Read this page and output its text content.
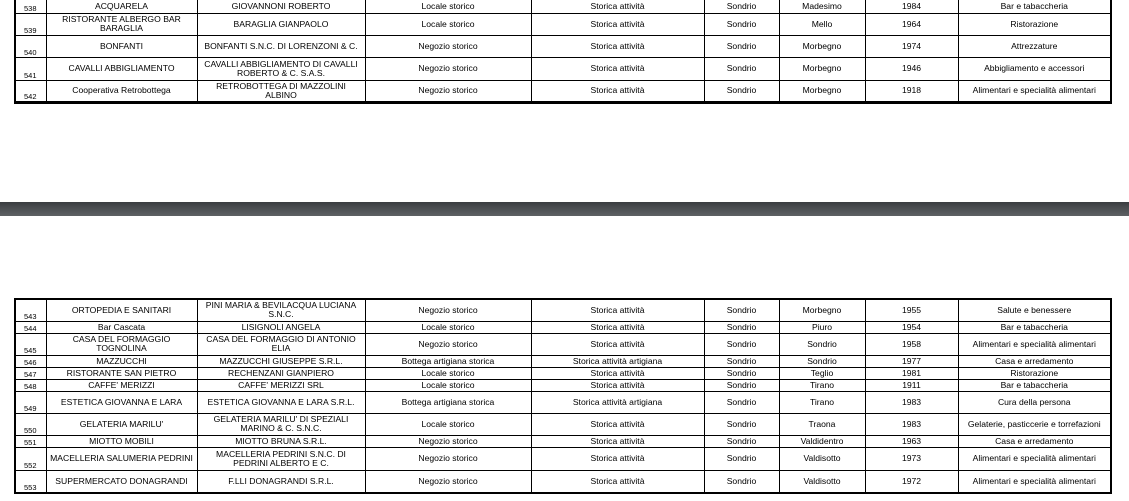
538	ACQUARELA	GIOVANNONI ROBERTO	Locale storico	Storica attività	Sondrio	Madesimo	1984	Bar e tabaccheria
539	RISTORANTE ALBERGO BAR BARAGLIA	BARAGLIA GIANPAOLO	Locale storico	Storica attività	Sondrio	Mello	1964	Ristorazione
540	BONFANTI	BONFANTI S.N.C. DI LORENZONI & C.	Negozio storico	Storica attività	Sondrio	Morbegno	1974	Attrezzature
541	CAVALLI ABBIGLIAMENTO	CAVALLI ABBIGLIAMENTO DI CAVALLI ROBERTO & C. S.A.S.	Negozio storico	Storica attività	Sondrio	Morbegno	1946	Abbigliamento e accessori
542	Cooperativa Retrobottega	RETROBOTTEGA DI MAZZOLINI ALBINO	Negozio storico	Storica attività	Sondrio	Morbegno	1918	Alimentari e specialità alimentari
543	ORTOPEDIA E SANITARI	PINI MARIA & BEVILACQUA LUCIANA S.N.C.	Negozio storico	Storica attività	Sondrio	Morbegno	1955	Salute e benessere
544	Bar Cascata	LISIGNOLI ANGELA	Locale storico	Storica attività	Sondrio	Piuro	1954	Bar e tabaccheria
545	CASA DEL FORMAGGIO TOGNOLINA	CASA DEL FORMAGGIO DI ANTONIO ELIA	Negozio storico	Storica attività	Sondrio	Sondrio	1958	Alimentari e specialità alimentari
546	MAZZUCCHI	MAZZUCCHI GIUSEPPE S.R.L.	Bottega artigiana storica	Storica attività artigiana	Sondrio	Sondrio	1977	Casa e arredamento
547	RISTORANTE SAN PIETRO	RECHENZANI GIANPIERO	Locale storico	Storica attività	Sondrio	Teglio	1981	Ristorazione
548	CAFFE' MERIZZI	CAFFE' MERIZZI SRL	Locale storico	Storica attività	Sondrio	Tirano	1911	Bar e tabaccheria
549	ESTETICA GIOVANNA E LARA	ESTETICA GIOVANNA E LARA S.R.L.	Bottega artigiana storica	Storica attività artigiana	Sondrio	Tirano	1983	Cura della persona
550	GELATERIA MARILU'	GELATERIA MARILU' DI SPEZIALI MARINO & C. S.N.C.	Locale storico	Storica attività	Sondrio	Traona	1983	Gelaterie, pasticcerie e torrefazioni
551	MIOTTO MOBILI	MIOTTO BRUNA S.R.L.	Negozio storico	Storica attività	Sondrio	Valdidentro	1963	Casa e arredamento
552	MACELLERIA SALUMERIA PEDRINI	MACELLERIA PEDRINI S.N.C. DI PEDRINI ALBERTO E C.	Negozio storico	Storica attività	Sondrio	Valdisotto	1973	Alimentari e specialità alimentari
553	SUPERMERCATO DONAGRANDI	F.LLI DONAGRANDI S.R.L.	Negozio storico	Storica attività	Sondrio	Valdisotto	1972	Alimentari e specialità alimentari
